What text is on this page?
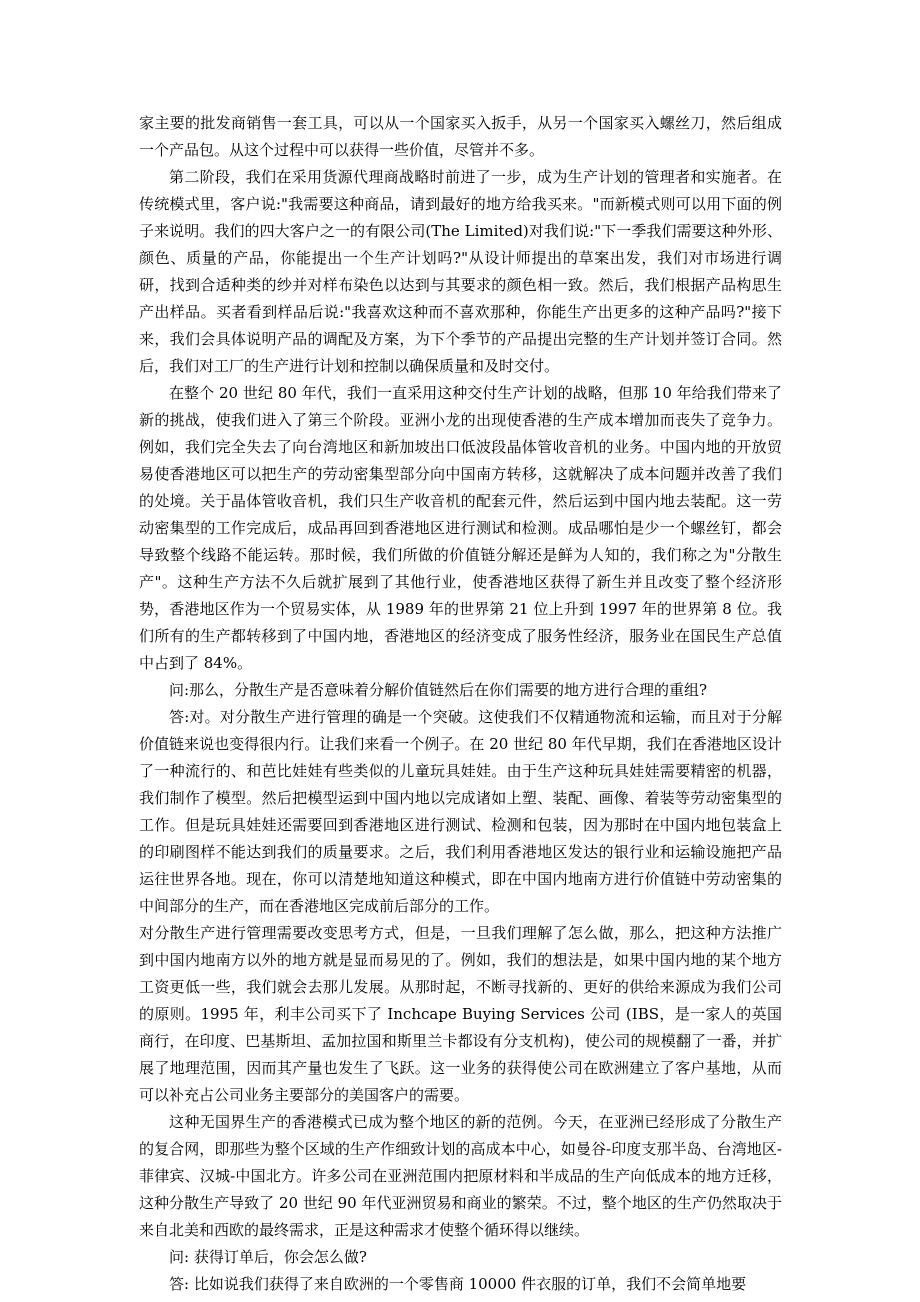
家主要的批发商销售一套工具，可以从一个国家买入扳手，从另一个国家买入螺丝刀，然后组成一个产品包。从这个过程中可以获得一些价值，尽管并不多。

第二阶段，我们在采用货源代理商战略时前进了一步，成为生产计划的管理者和实施者。在传统模式里，客户说:"我需要这种商品，请到最好的地方给我买来。"而新模式则可以用下面的例子来说明。我们的四大客户之一的有限公司(The Limited)对我们说:"下一季我们需要这种外形、颜色、质量的产品，你能提出一个生产计划吗?"从设计师提出的草案出发，我们对市场进行调研，找到合适种类的纱并对样布染色以达到与其要求的颜色相一致。然后，我们根据产品构思生产出样品。买者看到样品后说:"我喜欢这种而不喜欢那种，你能生产出更多的这种产品吗?"接下来，我们会具体说明产品的调配及方案，为下个季节的产品提出完整的生产计划并签订合同。然后，我们对工厂的生产进行计划和控制以确保质量和及时交付。

在整个 20 世纪 80 年代，我们一直采用这种交付生产计划的战略，但那 10 年给我们带来了新的挑战，使我们进入了第三个阶段。亚洲小龙的出现使香港的生产成本增加而丧失了竞争力。例如，我们完全失去了向台湾地区和新加坡出口低波段晶体管收音机的业务。中国内地的开放贸易使香港地区可以把生产的劳动密集型部分向中国南方转移，这就解决了成本问题并改善了我们的处境。关于晶体管收音机，我们只生产收音机的配套元件，然后运到中国内地去装配。这一劳动密集型的工作完成后，成品再回到香港地区进行测试和检测。成品哪怕是少一个螺丝钉，都会导致整个线路不能运转。那时候，我们所做的价值链分解还是鲜为人知的，我们称之为"分散生产"。这种生产方法不久后就扩展到了其他行业，使香港地区获得了新生并且改变了整个经济形势，香港地区作为一个贸易实体，从 1989 年的世界第 21 位上升到 1997 年的世界第 8 位。我们所有的生产都转移到了中国内地，香港地区的经济变成了服务性经济，服务业在国民生产总值中占到了 84%。

问:那么，分散生产是否意味着分解价值链然后在你们需要的地方进行合理的重组?

答:对。对分散生产进行管理的确是一个突破。这使我们不仅精通物流和运输，而且对于分解价值链来说也变得很内行。让我们来看一个例子。在 20 世纪 80 年代早期，我们在香港地区设计了一种流行的、和芭比娃娃有些类似的儿童玩具娃娃。由于生产这种玩具娃娃需要精密的机器，我们制作了模型。然后把模型运到中国内地以完成诸如上塑、装配、画像、着装等劳动密集型的工作。但是玩具娃娃还需要回到香港地区进行测试、检测和包装，因为那时在中国内地包装盒上的印刷图样不能达到我们的质量要求。之后，我们利用香港地区发达的银行业和运输设施把产品运往世界各地。现在，你可以清楚地知道这种模式，即在中国内地南方进行价值链中劳动密集的中间部分的生产，而在香港地区完成前后部分的工作。

对分散生产进行管理需要改变思考方式，但是，一旦我们理解了怎么做，那么，把这种方法推广到中国内地南方以外的地方就是显而易见的了。例如，我们的想法是，如果中国内地的某个地方工资更低一些，我们就会去那儿发展。从那时起，不断寻找新的、更好的供给来源成为我们公司的原则。1995 年，利丰公司买下了 Inchcape Buying Services 公司 (IBS，是一家人的英国商行，在印度、巴基斯坦、孟加拉国和斯里兰卡都设有分支机构)，使公司的规模翻了一番，并扩展了地理范围，因而其产量也发生了飞跃。这一业务的获得使公司在欧洲建立了客户基地，从而可以补充占公司业务主要部分的美国客户的需要。

这种无国界生产的香港模式已成为整个地区的新的范例。今天，在亚洲已经形成了分散生产的复合网，即那些为整个区域的生产作细致计划的高成本中心，如曼谷-印度支那半岛、台湾地区-菲律宾、汉城-中国北方。许多公司在亚洲范围内把原材料和半成品的生产向低成本的地方迁移，这种分散生产导致了 20 世纪 90 年代亚洲贸易和商业的繁荣。不过，整个地区的生产仍然取决于来自北美和西欧的最终需求，正是这种需求才使整个循环得以继续。

问: 获得订单后，你会怎么做?

答: 比如说我们获得了来自欧洲的一个零售商 10000 件衣服的订单，我们不会简单地要
